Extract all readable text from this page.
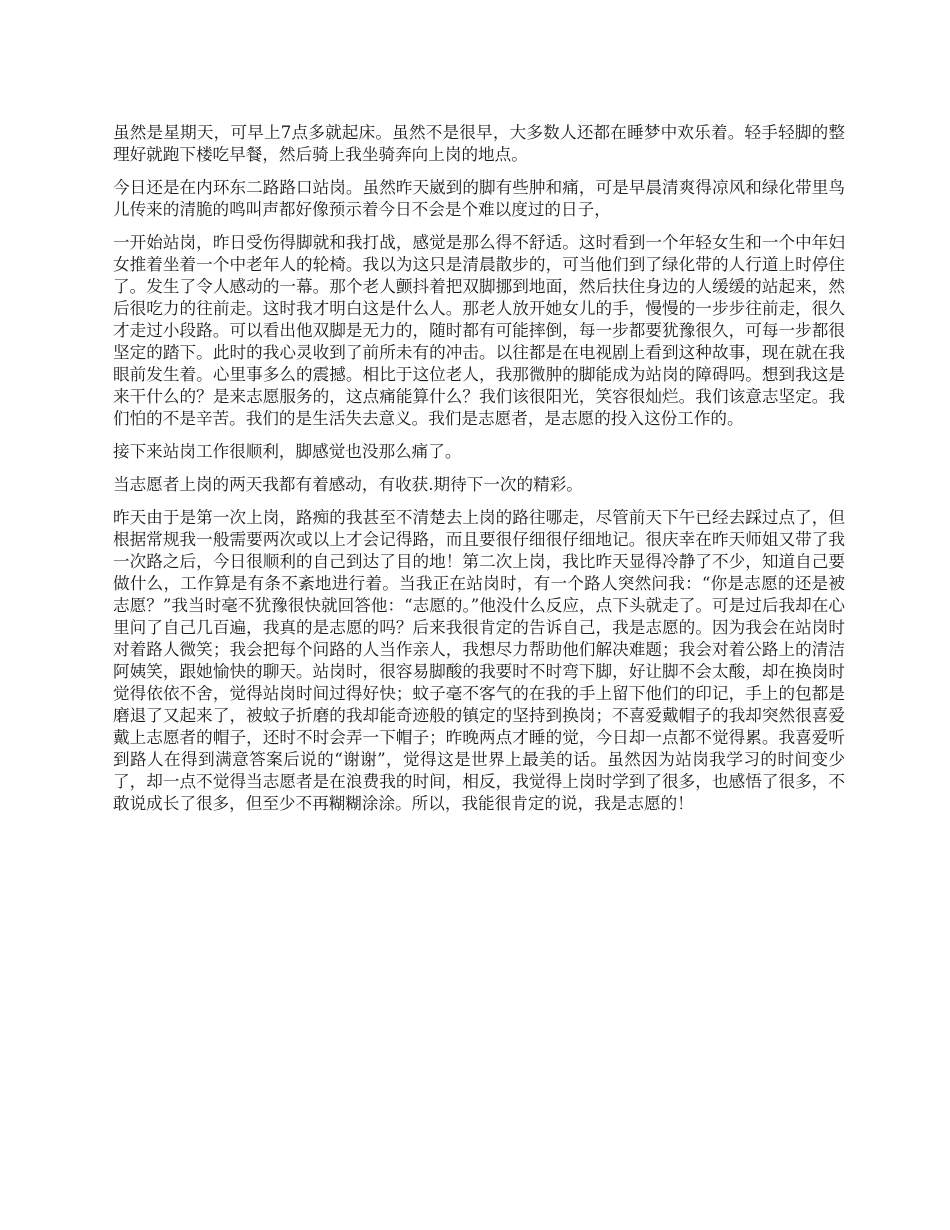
虽然是星期天，可早上7点多就起床。虽然不是很早，大多数人还都在睡梦中欢乐着。轻手轻脚的整理好就跑下楼吃早餐，然后骑上我坐骑奔向上岗的地点。

今日还是在内环东二路路口站岗。虽然昨天崴到的脚有些肿和痛，可是早晨清爽得凉风和绿化带里鸟儿传来的清脆的鸣叫声都好像预示着今日不会是个难以度过的日子，

一开始站岗，昨日受伤得脚就和我打战，感觉是那么得不舒适。这时看到一个年轻女生和一个中年妇女推着坐着一个中老年人的轮椅。我以为这只是清晨散步的，可当他们到了绿化带的人行道上时停住了。发生了令人感动的一幕。那个老人颤抖着把双脚挪到地面，然后扶住身边的人缓缓的站起来，然后很吃力的往前走。这时我才明白这是什么人。那老人放开她女儿的手，慢慢的一步步往前走，很久才走过小段路。可以看出他双脚是无力的，随时都有可能摔倒，每一步都要犹豫很久，可每一步都很坚定的踏下。此时的我心灵收到了前所未有的冲击。以往都是在电视剧上看到这种故事，现在就在我眼前发生着。心里事多么的震撼。相比于这位老人，我那微肿的脚能成为站岗的障碍吗。想到我这是来干什么的？是来志愿服务的，这点痛能算什么？我们该很阳光，笑容很灿烂。我们该意志坚定。我们怕的不是辛苦。我们的是生活失去意义。我们是志愿者，是志愿的投入这份工作的。

接下来站岗工作很顺利，脚感觉也没那么痛了。

当志愿者上岗的两天我都有着感动，有收获.期待下一次的精彩。

昨天由于是第一次上岗，路痴的我甚至不清楚去上岗的路往哪走，尽管前天下午已经去踩过点了，但根据常规我一般需要两次或以上才会记得路，而且要很仔细很仔细地记。很庆幸在昨天师姐又带了我一次路之后，今日很顺利的自己到达了目的地！第二次上岗，我比昨天显得冷静了不少，知道自己要做什么，工作算是有条不紊地进行着。当我正在站岗时，有一个路人突然问我：“你是志愿的还是被志愿？”我当时毫不犹豫很快就回答他：“志愿的。”他没什么反应，点下头就走了。可是过后我却在心里问了自己几百遍，我真的是志愿的吗？后来我很肯定的告诉自己，我是志愿的。因为我会在站岗时对着路人微笑；我会把每个问路的人当作亲人，我想尽力帮助他们解决难题；我会对着公路上的清洁阿姨笑，跟她愉快的聊天。站岗时，很容易脚酸的我要时不时弯下脚，好让脚不会太酸，却在换岗时觉得依依不舍，觉得站岗时间过得好快；蚊子毫不客气的在我的手上留下他们的印记，手上的包都是磨退了又起来了，被蚊子折磨的我却能奇迹般的镇定的坚持到换岗；不喜爱戴帽子的我却突然很喜爱戴上志愿者的帽子，还时不时会弄一下帽子；昨晚两点才睡的觉，今日却一点都不觉得累。我喜爱听到路人在得到满意答案后说的“谢谢”，觉得这是世界上最美的话。虽然因为站岗我学习的时间变少了，却一点不觉得当志愿者是在浪费我的时间，相反，我觉得上岗时学到了很多，也感悟了很多，不敢说成长了很多，但至少不再糊糊涂涂。所以，我能很肯定的说，我是志愿的！
